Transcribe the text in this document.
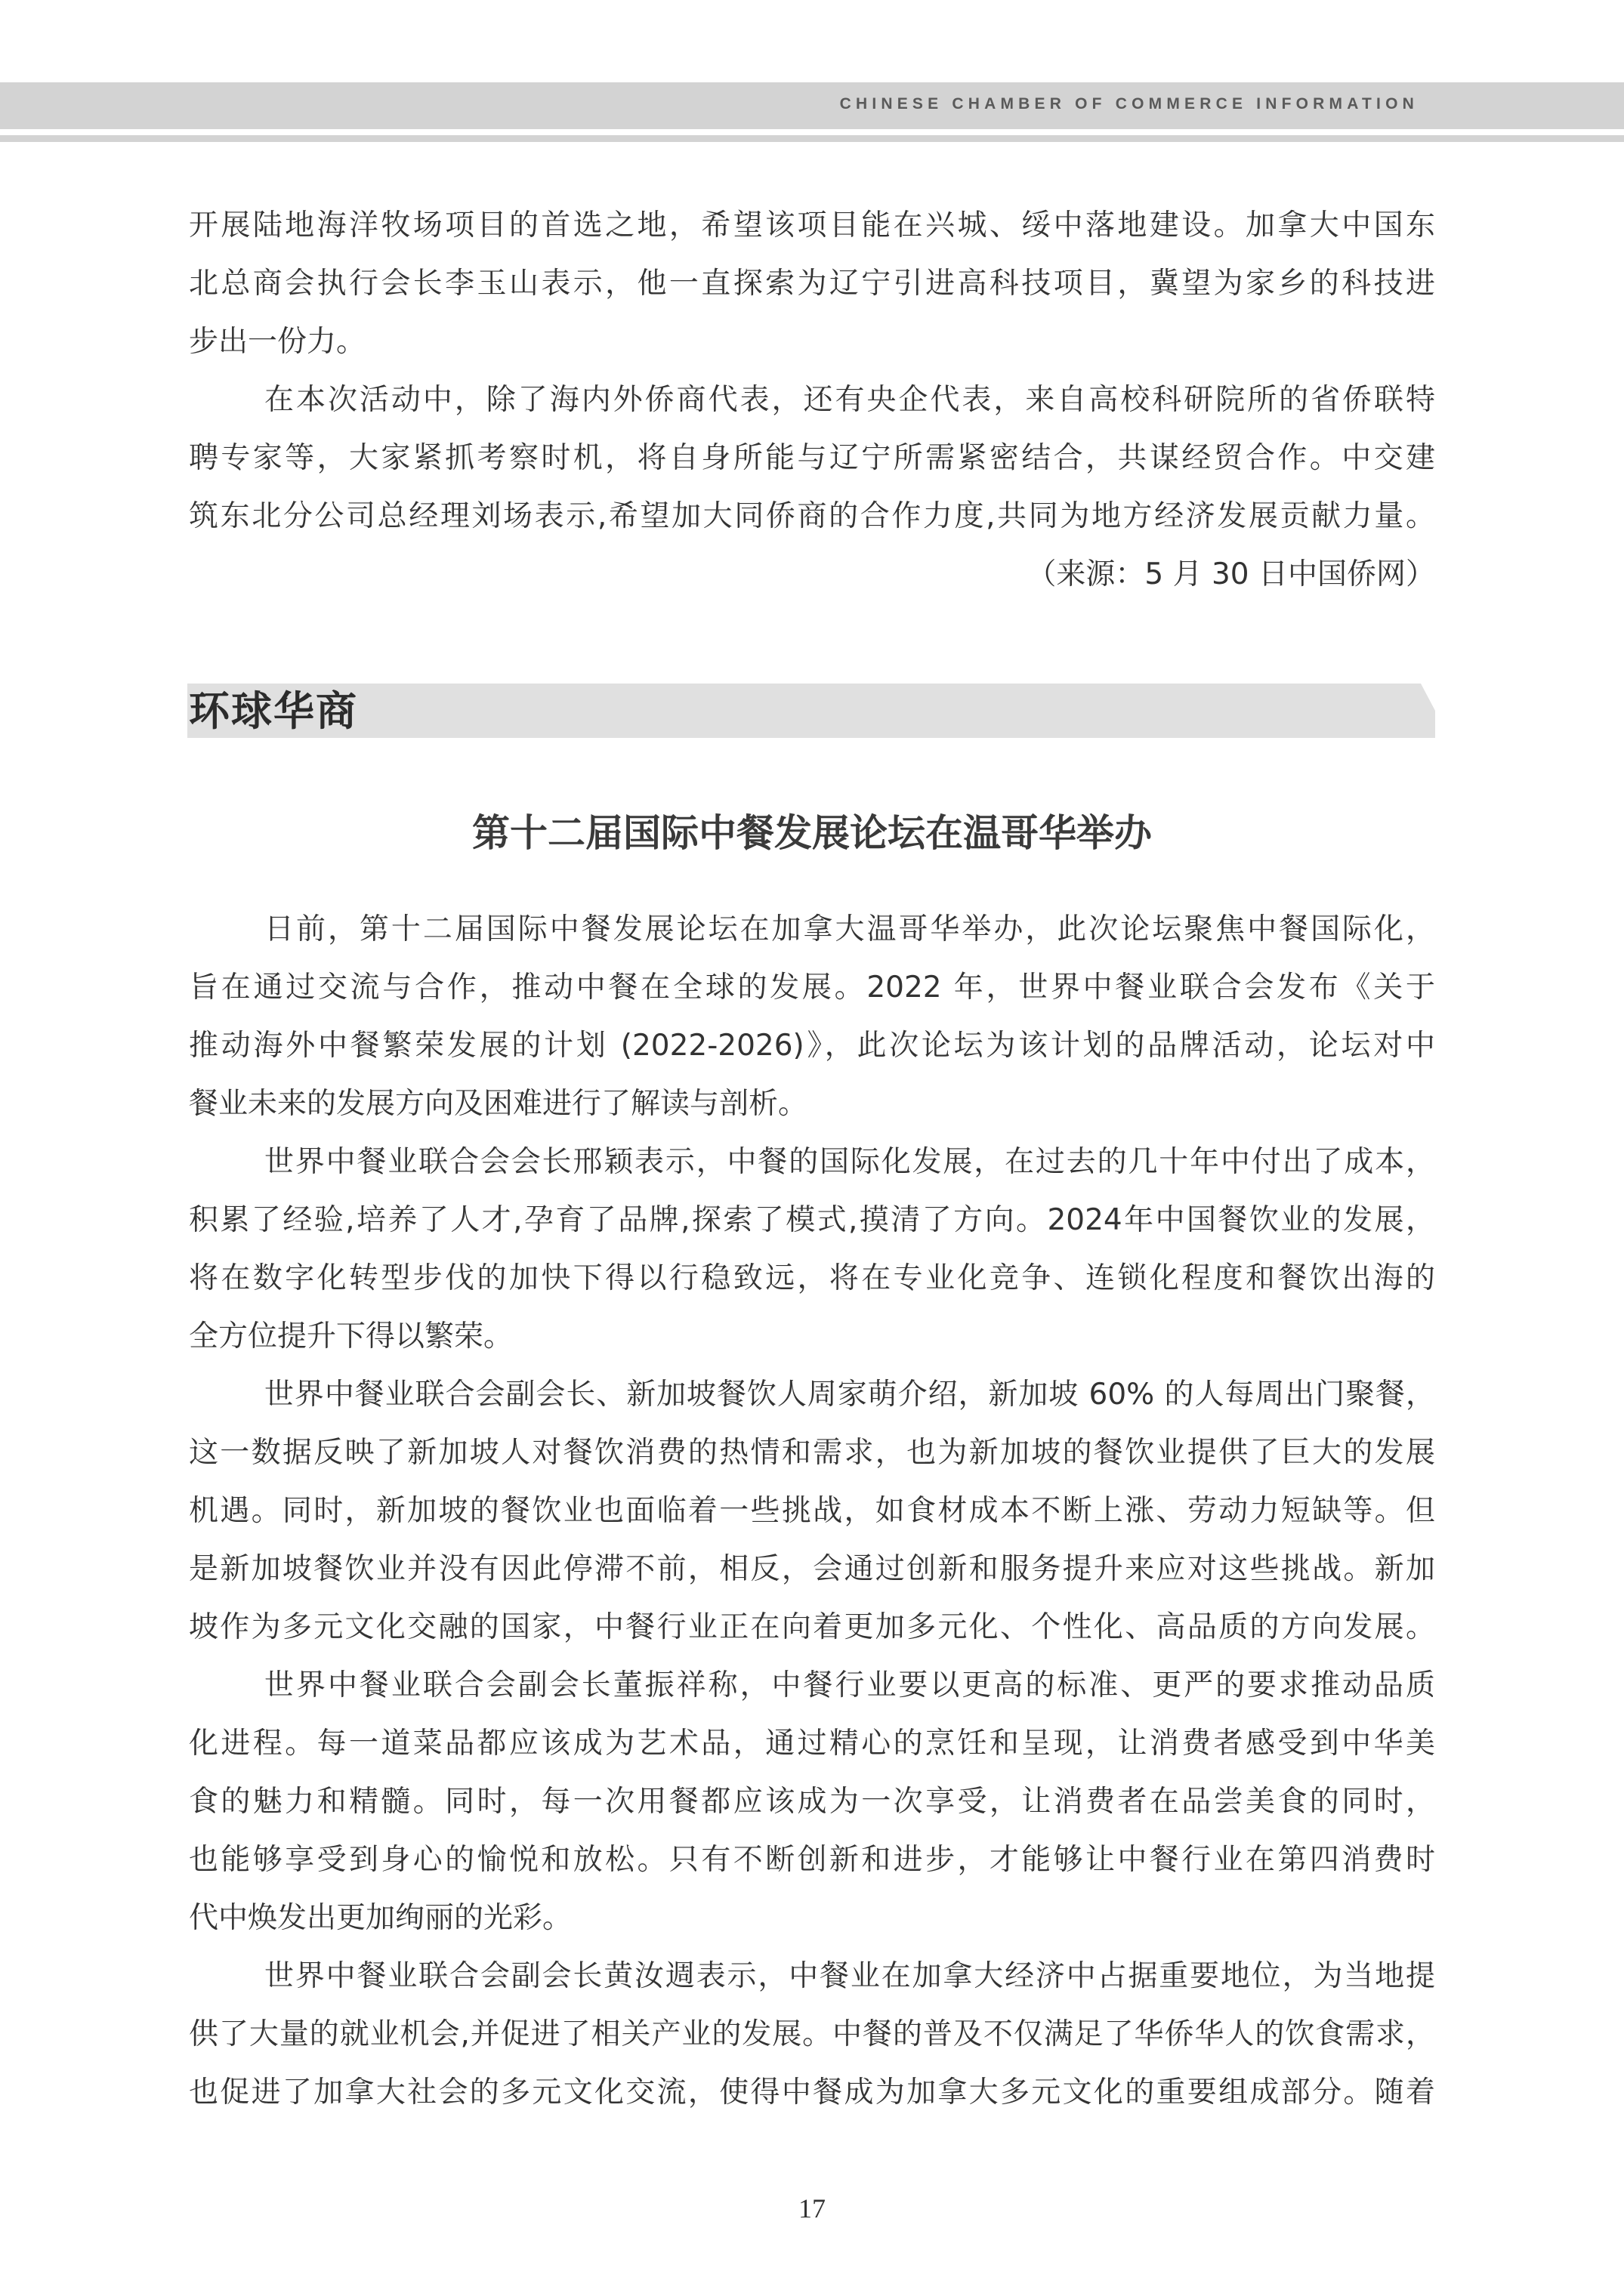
CHINESE CHAMBER OF COMMERCE INFORMATION
开展陆地海洋牧场项目的首选之地，希望该项目能在兴城、绥中落地建设。加拿大中国东
北总商会执行会长李玉山表示，他一直探索为辽宁引进高科技项目，冀望为家乡的科技进
步出一份力。
在本次活动中，除了海内外侨商代表，还有央企代表，来自高校科研院所的省侨联特
聘专家等，大家紧抓考察时机，将自身所能与辽宁所需紧密结合，共谋经贸合作。中交建
筑东北分公司总经理刘场表示,希望加大同侨商的合作力度,共同为地方经济发展贡献力量。
（来源：5 月 30 日中国侨网）
环球华商
第十二届国际中餐发展论坛在温哥华举办
日前，第十二届国际中餐发展论坛在加拿大温哥华举办，此次论坛聚焦中餐国际化，
旨在通过交流与合作，推动中餐在全球的发展。2022 年，世界中餐业联合会发布《关于
推动海外中餐繁荣发展的计划 (2022-2026)》，此次论坛为该计划的品牌活动，论坛对中
餐业未来的发展方向及困难进行了解读与剖析。
世界中餐业联合会会长邢颖表示，中餐的国际化发展，在过去的几十年中付出了成本，
积累了经验,培养了人才,孕育了品牌,探索了模式,摸清了方向。2024年中国餐饮业的发展，
将在数字化转型步伐的加快下得以行稳致远，将在专业化竞争、连锁化程度和餐饮出海的
全方位提升下得以繁荣。
世界中餐业联合会副会长、新加坡餐饮人周家萌介绍，新加坡 60% 的人每周出门聚餐，
这一数据反映了新加坡人对餐饮消费的热情和需求，也为新加坡的餐饮业提供了巨大的发展
机遇。同时，新加坡的餐饮业也面临着一些挑战，如食材成本不断上涨、劳动力短缺等。但
是新加坡餐饮业并没有因此停滞不前，相反，会通过创新和服务提升来应对这些挑战。新加
坡作为多元文化交融的国家，中餐行业正在向着更加多元化、个性化、高品质的方向发展。
世界中餐业联合会副会长董振祥称，中餐行业要以更高的标准、更严的要求推动品质
化进程。每一道菜品都应该成为艺术品，通过精心的烹饪和呈现，让消费者感受到中华美
食的魅力和精髓。同时，每一次用餐都应该成为一次享受，让消费者在品尝美食的同时，
也能够享受到身心的愉悦和放松。只有不断创新和进步，才能够让中餐行业在第四消费时
代中焕发出更加绚丽的光彩。
世界中餐业联合会副会长黄汝週表示，中餐业在加拿大经济中占据重要地位，为当地提
供了大量的就业机会,并促进了相关产业的发展。中餐的普及不仅满足了华侨华人的饮食需求，
也促进了加拿大社会的多元文化交流，使得中餐成为加拿大多元文化的重要组成部分。随着
17
